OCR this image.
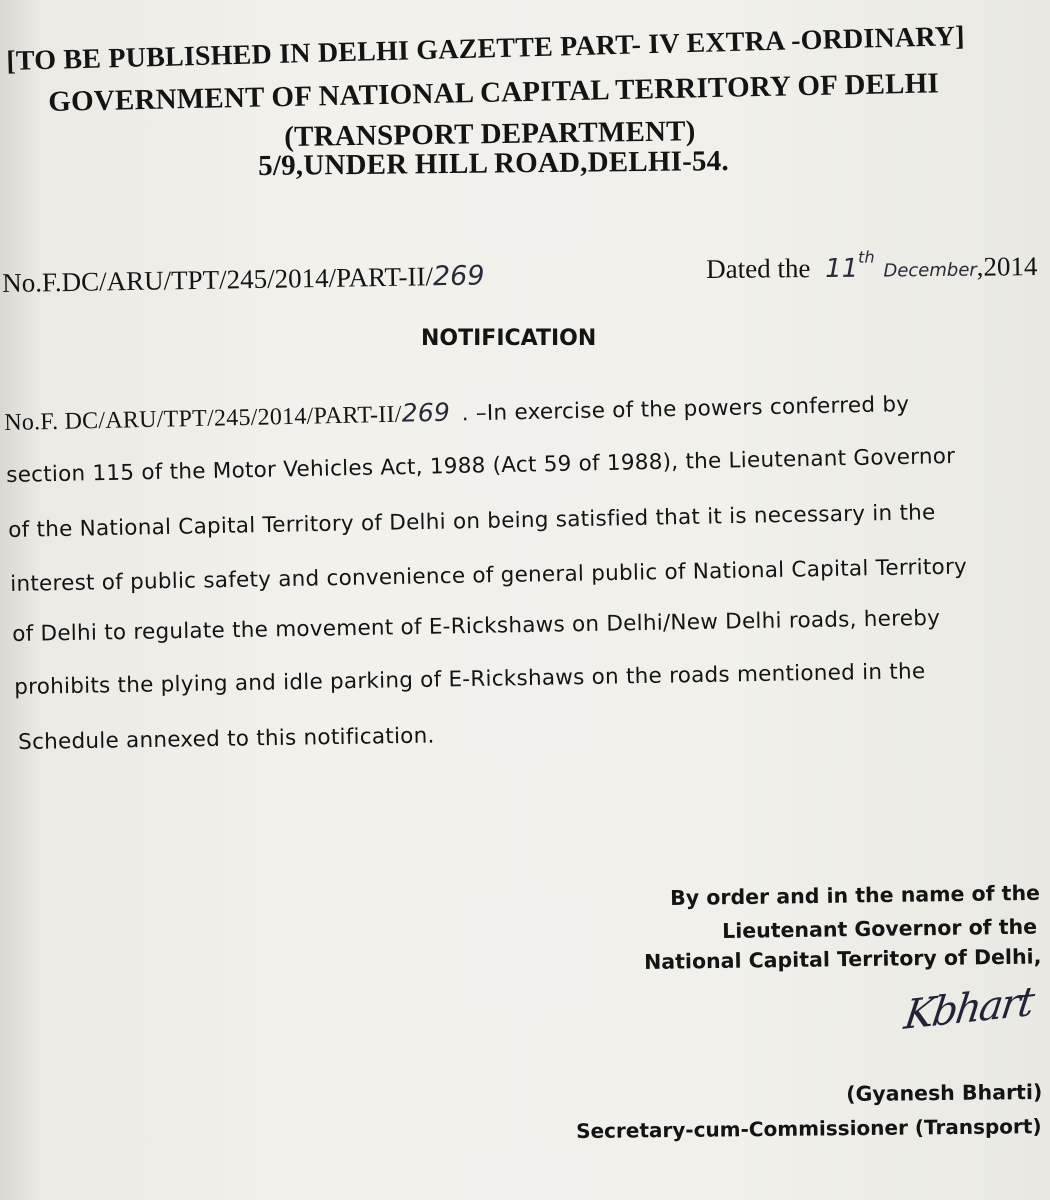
[TO BE PUBLISHED IN DELHI GAZETTE PART- IV EXTRA -ORDINARY]
GOVERNMENT OF NATIONAL CAPITAL TERRITORY OF DELHI
(TRANSPORT DEPARTMENT)
5/9,UNDER HILL ROAD,DELHI-54.
No.F.DC/ARU/TPT/245/2014/PART-II/269	Dated the 11th December,2014
NOTIFICATION
No.F. DC/ARU/TPT/245/2014/PART-II/269 . –In exercise of the powers conferred by
section 115 of the Motor Vehicles Act, 1988 (Act 59 of 1988), the Lieutenant Governor
of the National Capital Territory of Delhi on being satisfied that it is necessary in the
interest of public safety and convenience of general public of National Capital Territory
of Delhi to regulate the movement of E-Rickshaws on Delhi/New Delhi roads, hereby
prohibits the plying and idle parking of E-Rickshaws on the roads mentioned in the
Schedule annexed to this notification.
By order and in the name of the
Lieutenant Governor of the
National Capital Territory of Delhi,
Kbhart
(Gyanesh Bharti)
Secretary-cum-Commissioner (Transport)
